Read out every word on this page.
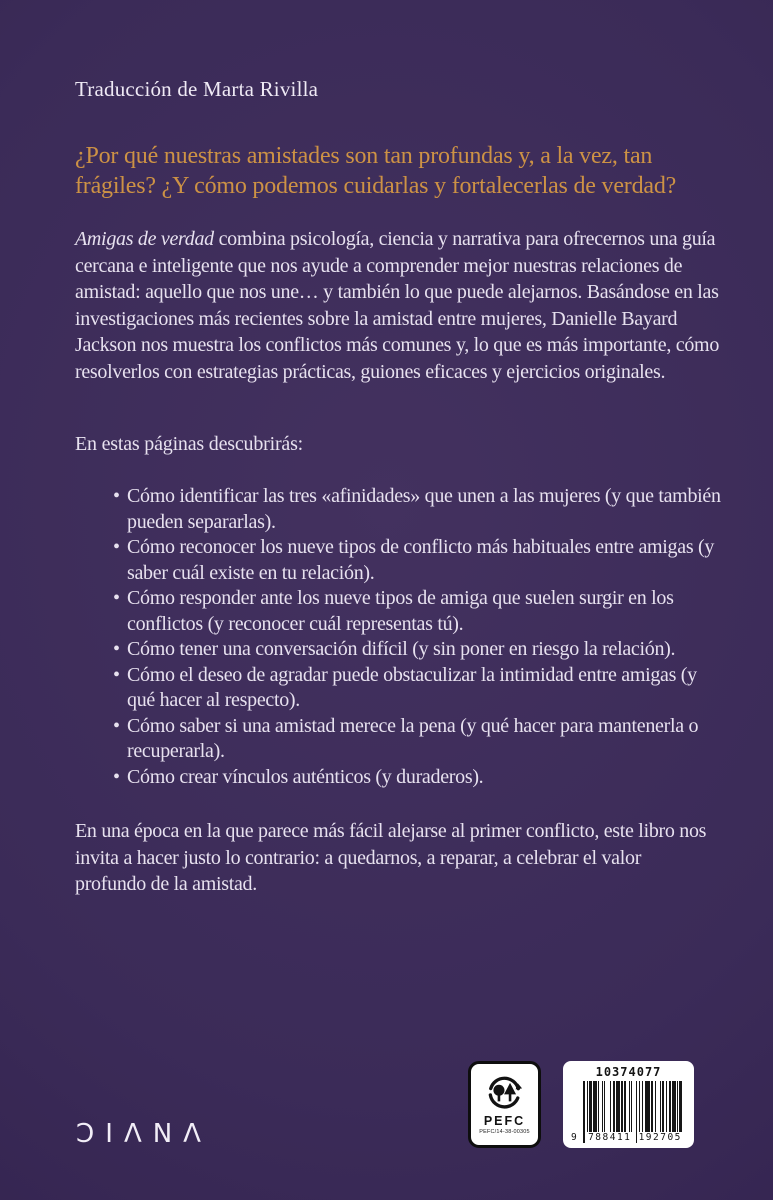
Traducción de Marta Rivilla
¿Por qué nuestras amistades son tan profundas y, a la vez, tan frágiles? ¿Y cómo podemos cuidarlas y fortalecerlas de verdad?

Amigas de verdad combina psicología, ciencia y narrativa para ofrecernos una guía cercana e inteligente que nos ayude a comprender mejor nuestras relaciones de amistad: aquello que nos une… y también lo que puede alejarnos. Basándose en las investigaciones más recientes sobre la amistad entre mujeres, Danielle Bayard Jackson nos muestra los conflictos más comunes y, lo que es más importante, cómo resolverlos con estrategias prácticas, guiones eficaces y ejercicios originales.

En estas páginas descubrirás:
• Cómo identificar las tres «afinidades» que unen a las mujeres (y que también pueden separarlas).
• Cómo reconocer los nueve tipos de conflicto más habituales entre amigas (y saber cuál existe en tu relación).
• Cómo responder ante los nueve tipos de amiga que suelen surgir en los conflictos (y reconocer cuál representas tú).
• Cómo tener una conversación difícil (y sin poner en riesgo la relación).
• Cómo el deseo de agradar puede obstaculizar la intimidad entre amigas (y qué hacer al respecto).
• Cómo saber si una amistad merece la pena (y qué hacer para mantenerla o recuperarla).
• Cómo crear vínculos auténticos (y duraderos).
En una época en la que parece más fácil alejarse al primer conflicto, este libro nos invita a hacer justo lo contrario: a quedarnos, a reparar, a celebrar el valor profundo de la amistad.
ƆIΛNΛ	PEFC
PEFC/14-38-00305
10374077
9	788411 192705
